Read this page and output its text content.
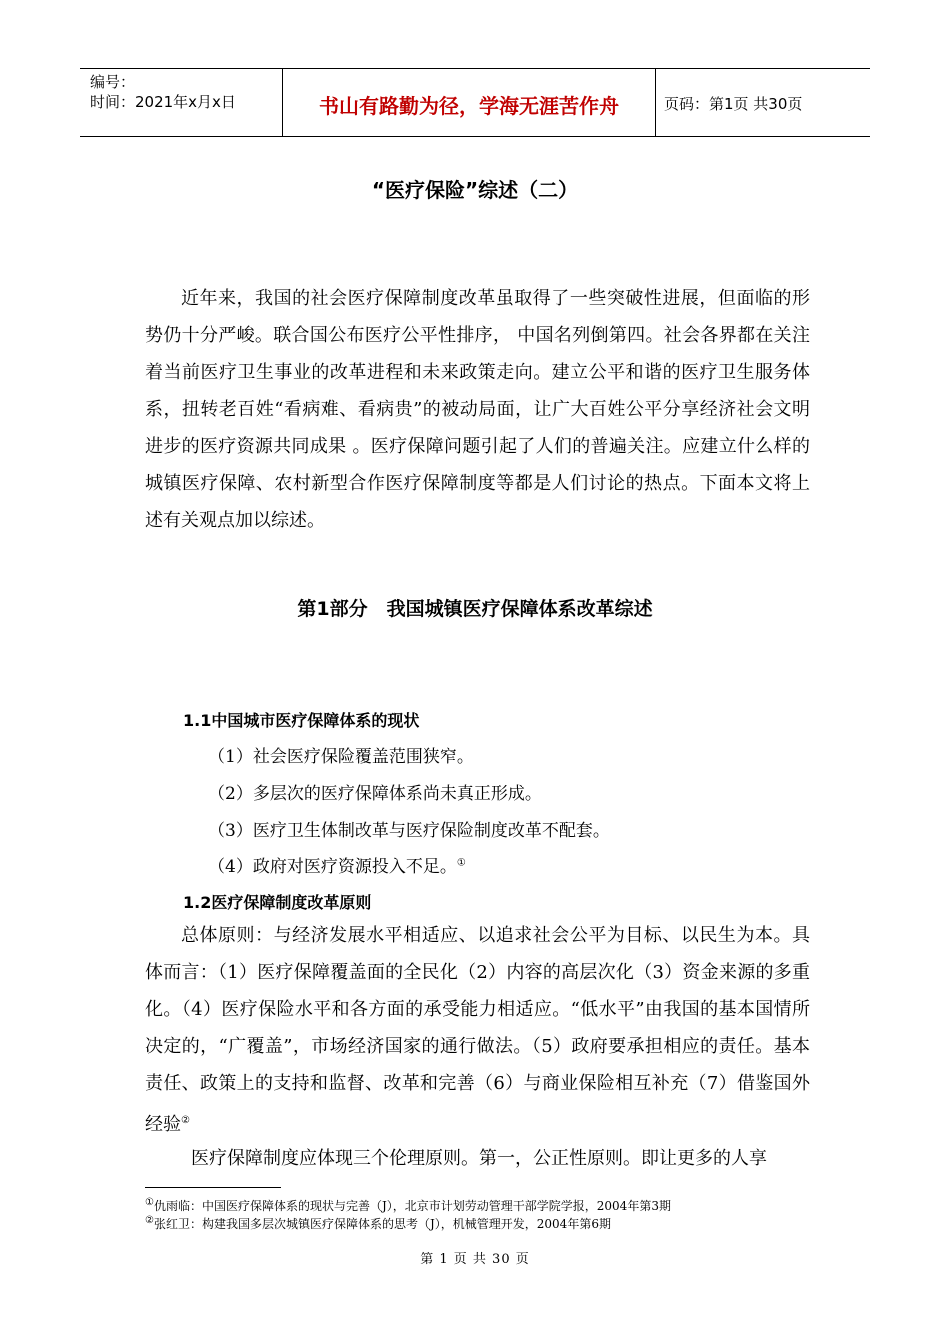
编号：
时间：2021年x月x日	书山有路勤为径，学海无涯苦作舟	页码：第1页 共30页
“医疗保险”综述（二）

近年来，我国的社会医疗保障制度改革虽取得了一些突破性进展，但面临的形势仍十分严峻。联合国公布医疗公平性排序， 中国名列倒第四。社会各界都在关注着当前医疗卫生事业的改革进程和未来政策走向。建立公平和谐的医疗卫生服务体系，扭转老百姓“看病难、看病贵”的被动局面，让广大百姓公平分享经济社会文明进步的医疗资源共同成果 。医疗保障问题引起了人们的普遍关注。应建立什么样的城镇医疗保障、农村新型合作医疗保障制度等都是人们讨论的热点。下面本文将上述有关观点加以综述。

第1部分　我国城镇医疗保障体系改革综述
1.1中国城市医疗保障体系的现状
（1）社会医疗保险覆盖范围狭窄。
（2）多层次的医疗保障体系尚未真正形成。
（3）医疗卫生体制改革与医疗保险制度改革不配套。
（4）政府对医疗资源投入不足。①
1.2医疗保障制度改革原则

总体原则：与经济发展水平相适应、以追求社会公平为目标、以民生为本。具体而言：（1）医疗保障覆盖面的全民化（2）内容的高层次化（3）资金来源的多重化。（4）医疗保险水平和各方面的承受能力相适应。“低水平”由我国的基本国情所决定的，“广覆盖”，市场经济国家的通行做法。（5）政府要承担相应的责任。基本责任、政策上的支持和监督、改革和完善（6）与商业保险相互补充（7）借鉴国外经验②

医疗保障制度应体现三个伦理原则。第一，公正性原则。即让更多的人享

①仇雨临：中国医疗保障体系的现状与完善（J），北京市计划劳动管理干部学院学报，2004年第3期
②张红卫：构建我国多层次城镇医疗保障体系的思考（J），机械管理开发，2004年第6期
第 1 页 共 30 页
